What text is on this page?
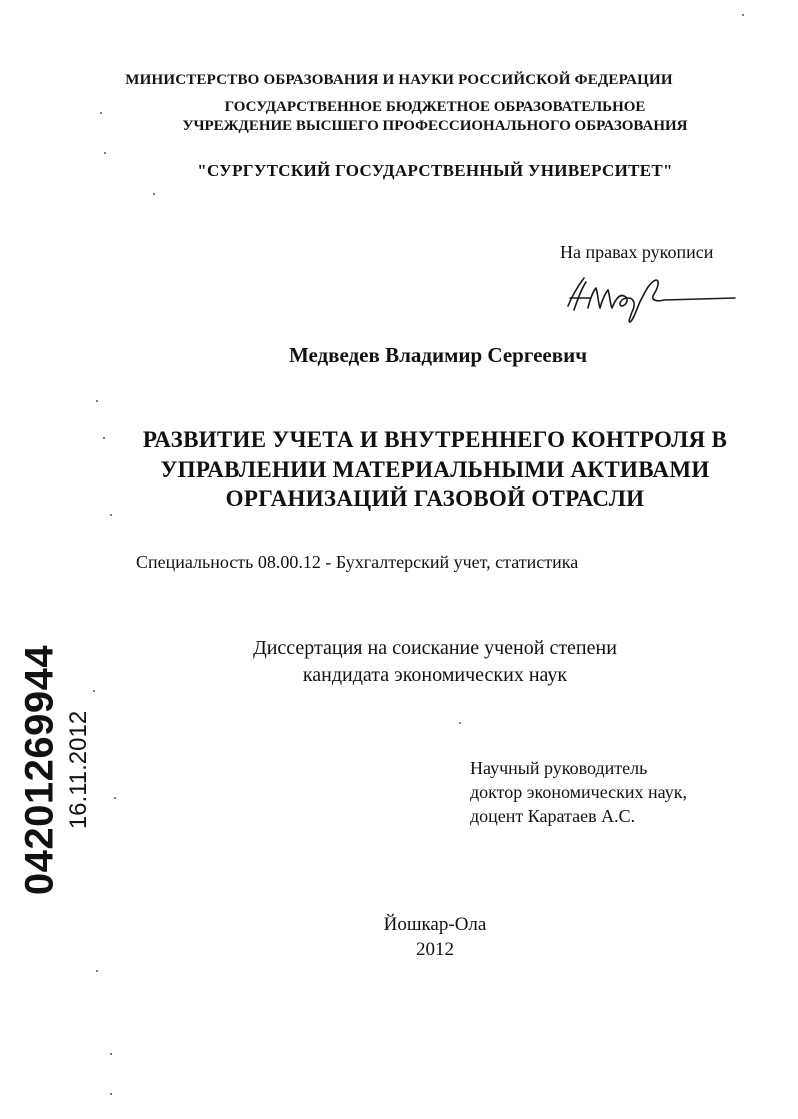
МИНИСТЕРСТВО ОБРАЗОВАНИЯ И НАУКИ РОССИЙСКОЙ ФЕДЕРАЦИИ
ГОСУДАРСТВЕННОЕ БЮДЖЕТНОЕ ОБРАЗОВАТЕЛЬНОЕ
УЧРЕЖДЕНИЕ ВЫСШЕГО ПРОФЕССИОНАЛЬНОГО ОБРАЗОВАНИЯ
"СУРГУТСКИЙ ГОСУДАРСТВЕННЫЙ УНИВЕРСИТЕТ"
На правах рукописи
Медведев Владимир Сергеевич
РАЗВИТИЕ УЧЕТА И ВНУТРЕННЕГО КОНТРОЛЯ В
УПРАВЛЕНИИ МАТЕРИАЛЬНЫМИ АКТИВАМИ
ОРГАНИЗАЦИЙ ГАЗОВОЙ ОТРАСЛИ
Специальность 08.00.12 - Бухгалтерский учет, статистика
Диссертация на соискание ученой степени
кандидата экономических наук
Научный руководитель
доктор экономических наук,
доцент Каратаев А.С.
Йошкар-Ола
2012
04201269944 16.11.2012
